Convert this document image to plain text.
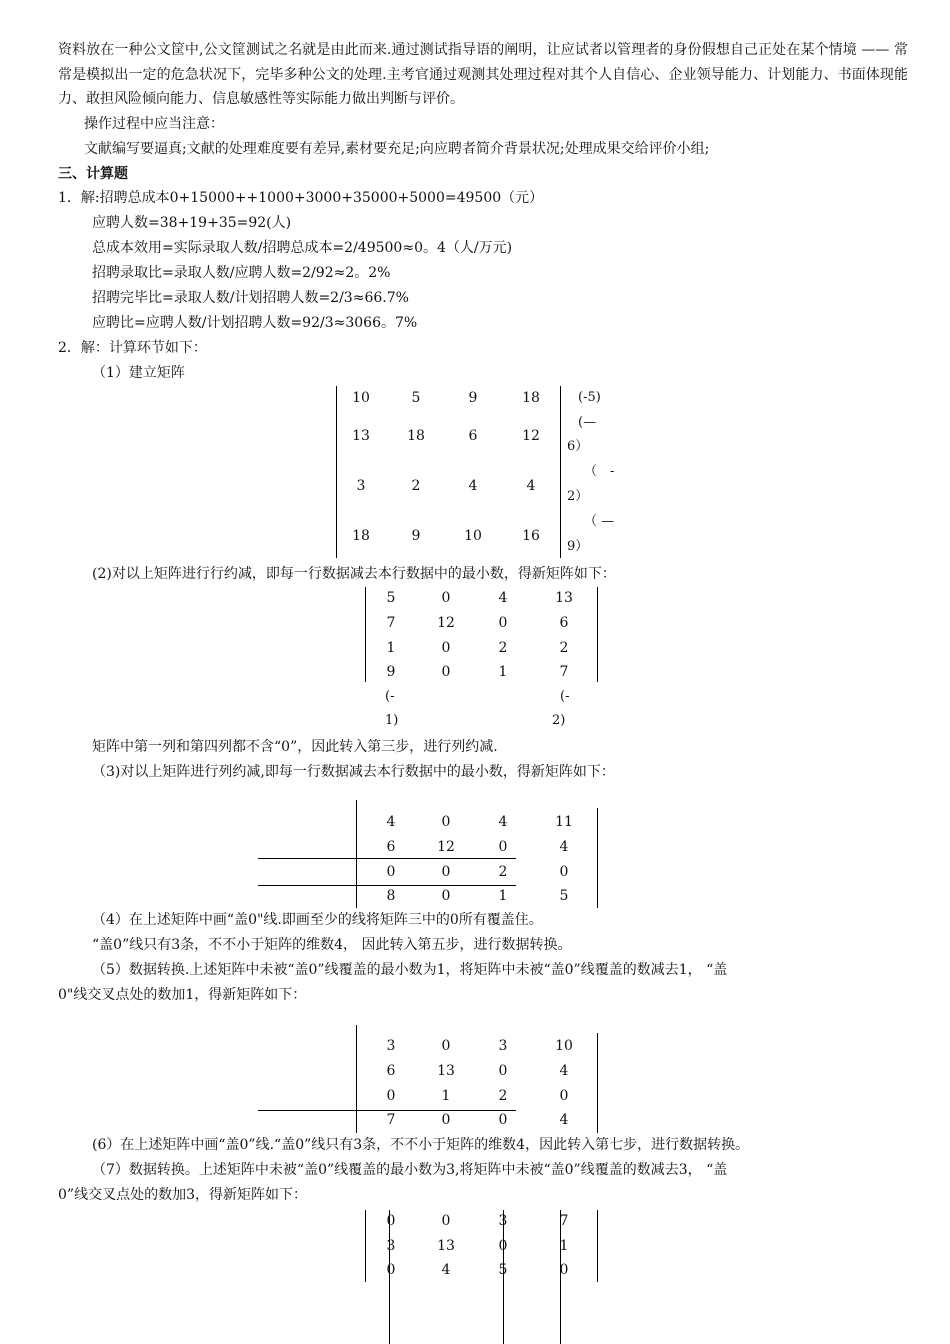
资料放在一种公文筐中,公文筐测试之名就是由此而来.通过测试指导语的阐明，让应试者以管理者的身份假想自己正处在某个情境 —— 常常是模拟出一定的危急状况下，完毕多种公文的处理.主考官通过观测其处理过程对其个人自信心、企业领导能力、计划能力、书面体现能力、敢担风险倾向能力、信息敏感性等实际能力做出判断与评价。
操作过程中应当注意：
文献编写要逼真;文献的处理难度要有差异,素材要充足;向应聘者简介背景状况;处理成果交给评价小组;
三、计算题
1．解:招聘总成本0+15000++1000+3000+35000+5000=49500（元）
应聘人数=38+19+35=92(人)
总成本效用=实际录取人数/招聘总成本=2/49500≈0。4（人/万元)
招聘录取比=录取人数/应聘人数=2/92≈2。2%
招聘完毕比=录取人数/计划招聘人数=2/3≈66.7%
应聘比=应聘人数/计划招聘人数=92/3≈3066。7%
2．解：计算环节如下：
（1）建立矩阵
10	5	9	18
13	18	6	12
3	2	4	4
18	9	10	16
(-5)
(—
6）
（　-
2）
（ —
9）
(2)对以上矩阵进行行约减，即每一行数据减去本行数据中的最小数，得新矩阵如下：
5	0	4	13
7	12	0	6
1	0	2	2
9	0	1	7
(-
1)
(-
2)
矩阵中第一列和第四列都不含“0”，因此转入第三步，进行列约减.
（3)对以上矩阵进行列约减,即每一行数据减去本行数据中的最小数，得新矩阵如下：
4	0	4	11
6	12	0	4
0	0	2	0
8	0	1	5
（4）在上述矩阵中画“盖0"线.即画至少的线将矩阵三中的0所有覆盖住。
“盖0”线只有3条，不不小于矩阵的维数4， 因此转入第五步，进行数据转换。
（5）数据转换.上述矩阵中未被“盖0”线覆盖的最小数为1，将矩阵中未被“盖0”线覆盖的数减去1， “盖
0"线交叉点处的数加1，得新矩阵如下：
3	0	3	10
6	13	0	4
0	1	2	0
7	0	0	4
(6）在上述矩阵中画“盖0”线.“盖0”线只有3条，不不小于矩阵的维数4，因此转入第七步，进行数据转换。
（7）数据转换。上述矩阵中未被“盖0”线覆盖的最小数为3,将矩阵中未被“盖0”线覆盖的数减去3， “盖
0”线交叉点处的数加3，得新矩阵如下：
0	0	3	7
3	13	0	1
0	4	5	0
